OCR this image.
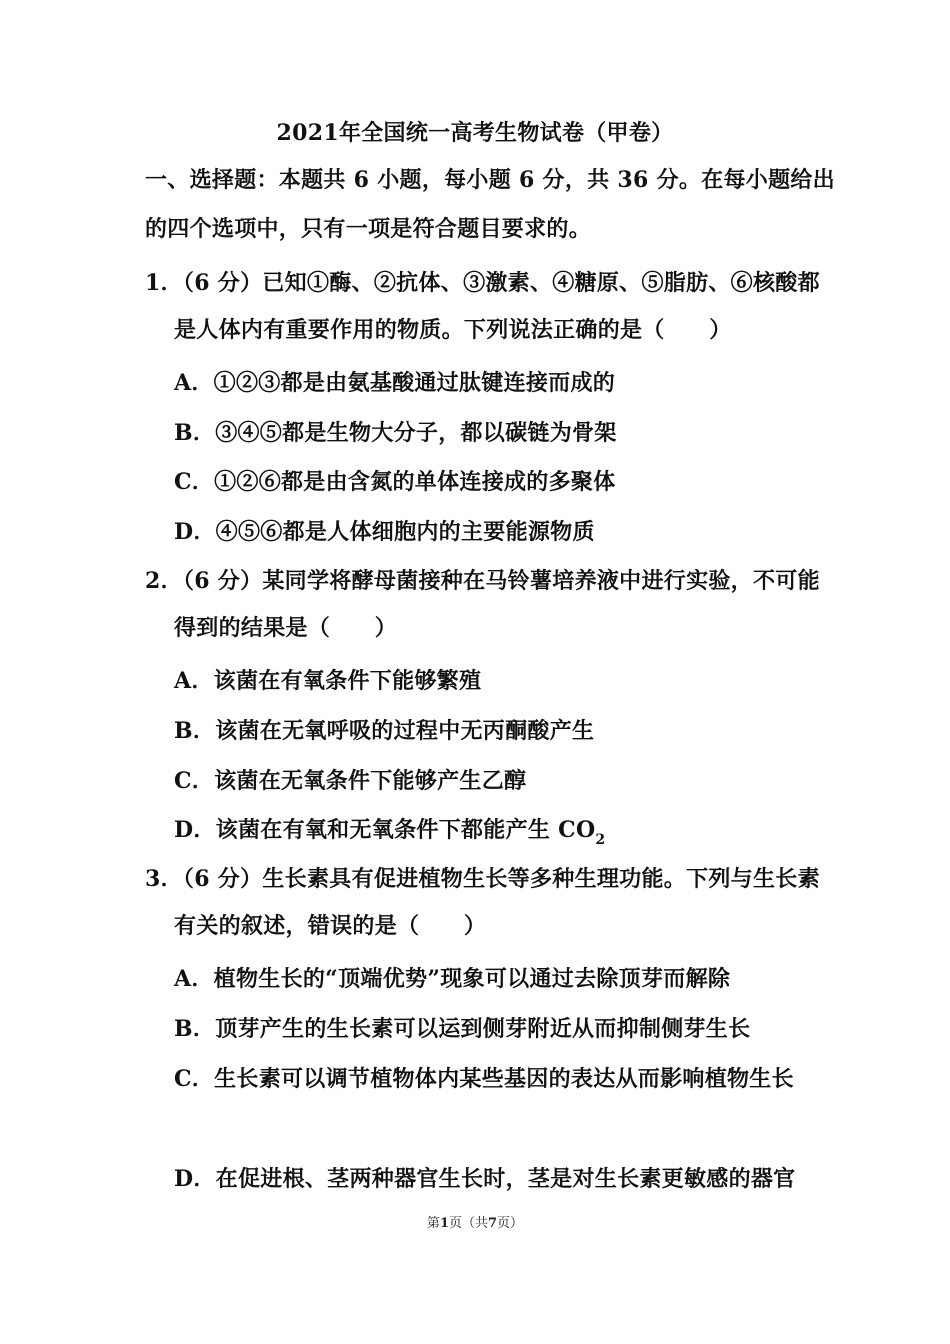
2021年全国统一高考生物试卷（甲卷）
一、选择题：本题共 6 小题，每小题 6 分，共 36 分。在每小题给出
的四个选项中，只有一项是符合题目要求的。
1．（6 分）已知①酶、②抗体、③激素、④糖原、⑤脂肪、⑥核酸都
是人体内有重要作用的物质。下列说法正确的是（　　）
A．①②③都是由氨基酸通过肽键连接而成的
B．③④⑤都是生物大分子，都以碳链为骨架
C．①②⑥都是由含氮的单体连接成的多聚体
D．④⑤⑥都是人体细胞内的主要能源物质
2．（6 分）某同学将酵母菌接种在马铃薯培养液中进行实验，不可能
得到的结果是（　　）
A．该菌在有氧条件下能够繁殖
B．该菌在无氧呼吸的过程中无丙酮酸产生
C．该菌在无氧条件下能够产生乙醇
D．该菌在有氧和无氧条件下都能产生 $CO_2$
3．（6 分）生长素具有促进植物生长等多种生理功能。下列与生长素
有关的叙述，错误的是（　　）
A．植物生长的“顶端优势”现象可以通过去除顶芽而解除
B．顶芽产生的生长素可以运到侧芽附近从而抑制侧芽生长
C．生长素可以调节植物体内某些基因的表达从而影响植物生长
D．在促进根、茎两种器官生长时，茎是对生长素更敏感的器官
第1页（共7页）
